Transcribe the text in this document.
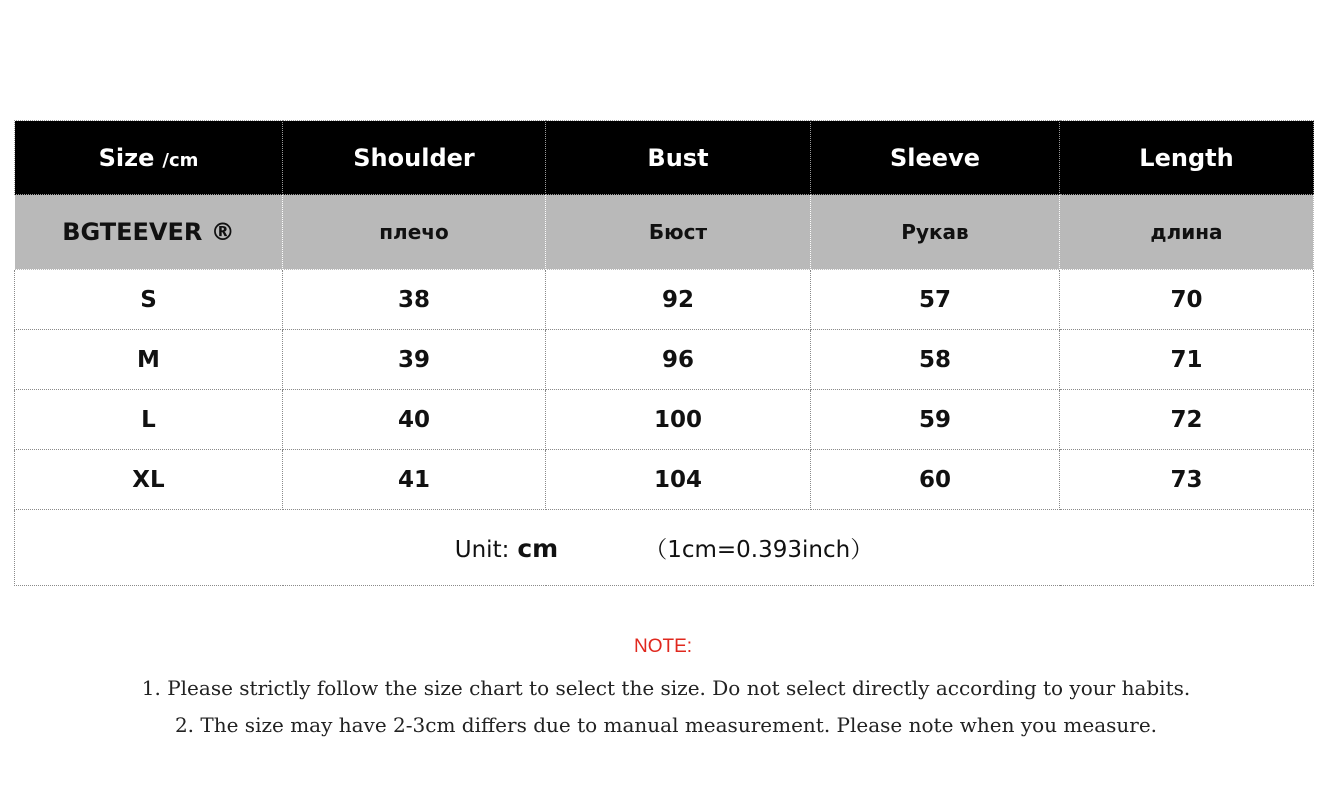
Size /cm	Shoulder	Bust	Sleeve	Length
BGTEEVER ®	плечо	Бюст	Рукав	длина
S	38	92	57	70
M	39	96	58	71
L	40	100	59	72
XL	41	104	60	73
Unit: cm （1cm=0.393inch）				
NOTE:
1. Please strictly follow the size chart to select the size. Do not select directly according to your habits.
2. The size may have 2-3cm differs due to manual measurement. Please note when you measure.
